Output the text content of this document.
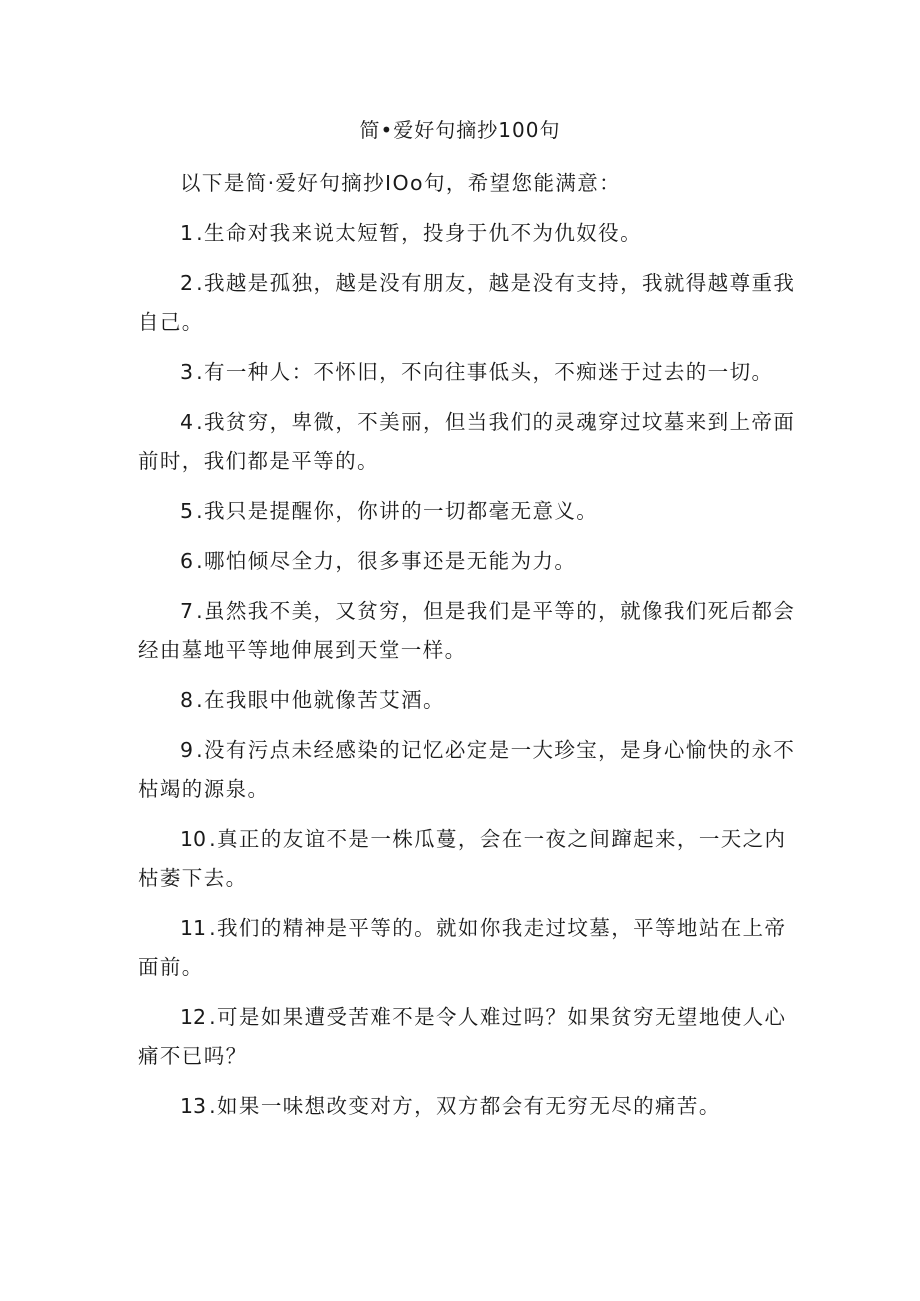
简•爱好句摘抄100句

以下是简·爱好句摘抄IOo句，希望您能满意：

1 .生命对我来说太短暂，投身于仇不为仇奴役。

2 .我越是孤独，越是没有朋友，越是没有支持，我就得越尊重我自己。

3 .有一种人：不怀旧，不向往事低头，不痴迷于过去的一切。

4 .我贫穷，卑微，不美丽，但当我们的灵魂穿过坟墓来到上帝面前时，我们都是平等的。

5 .我只是提醒你，你讲的一切都毫无意义。

6 .哪怕倾尽全力，很多事还是无能为力。

7 .虽然我不美，又贫穷，但是我们是平等的，就像我们死后都会经由墓地平等地伸展到天堂一样。

8 .在我眼中他就像苦艾酒。

9 .没有污点未经感染的记忆必定是一大珍宝，是身心愉快的永不枯竭的源泉。

10 .真正的友谊不是一株瓜蔓，会在一夜之间蹿起来，一天之内枯萎下去。

11 .我们的精神是平等的。就如你我走过坟墓，平等地站在上帝面前。

12 .可是如果遭受苦难不是令人难过吗？如果贫穷无望地使人心痛不已吗？

13 .如果一味想改变对方，双方都会有无穷无尽的痛苦。
